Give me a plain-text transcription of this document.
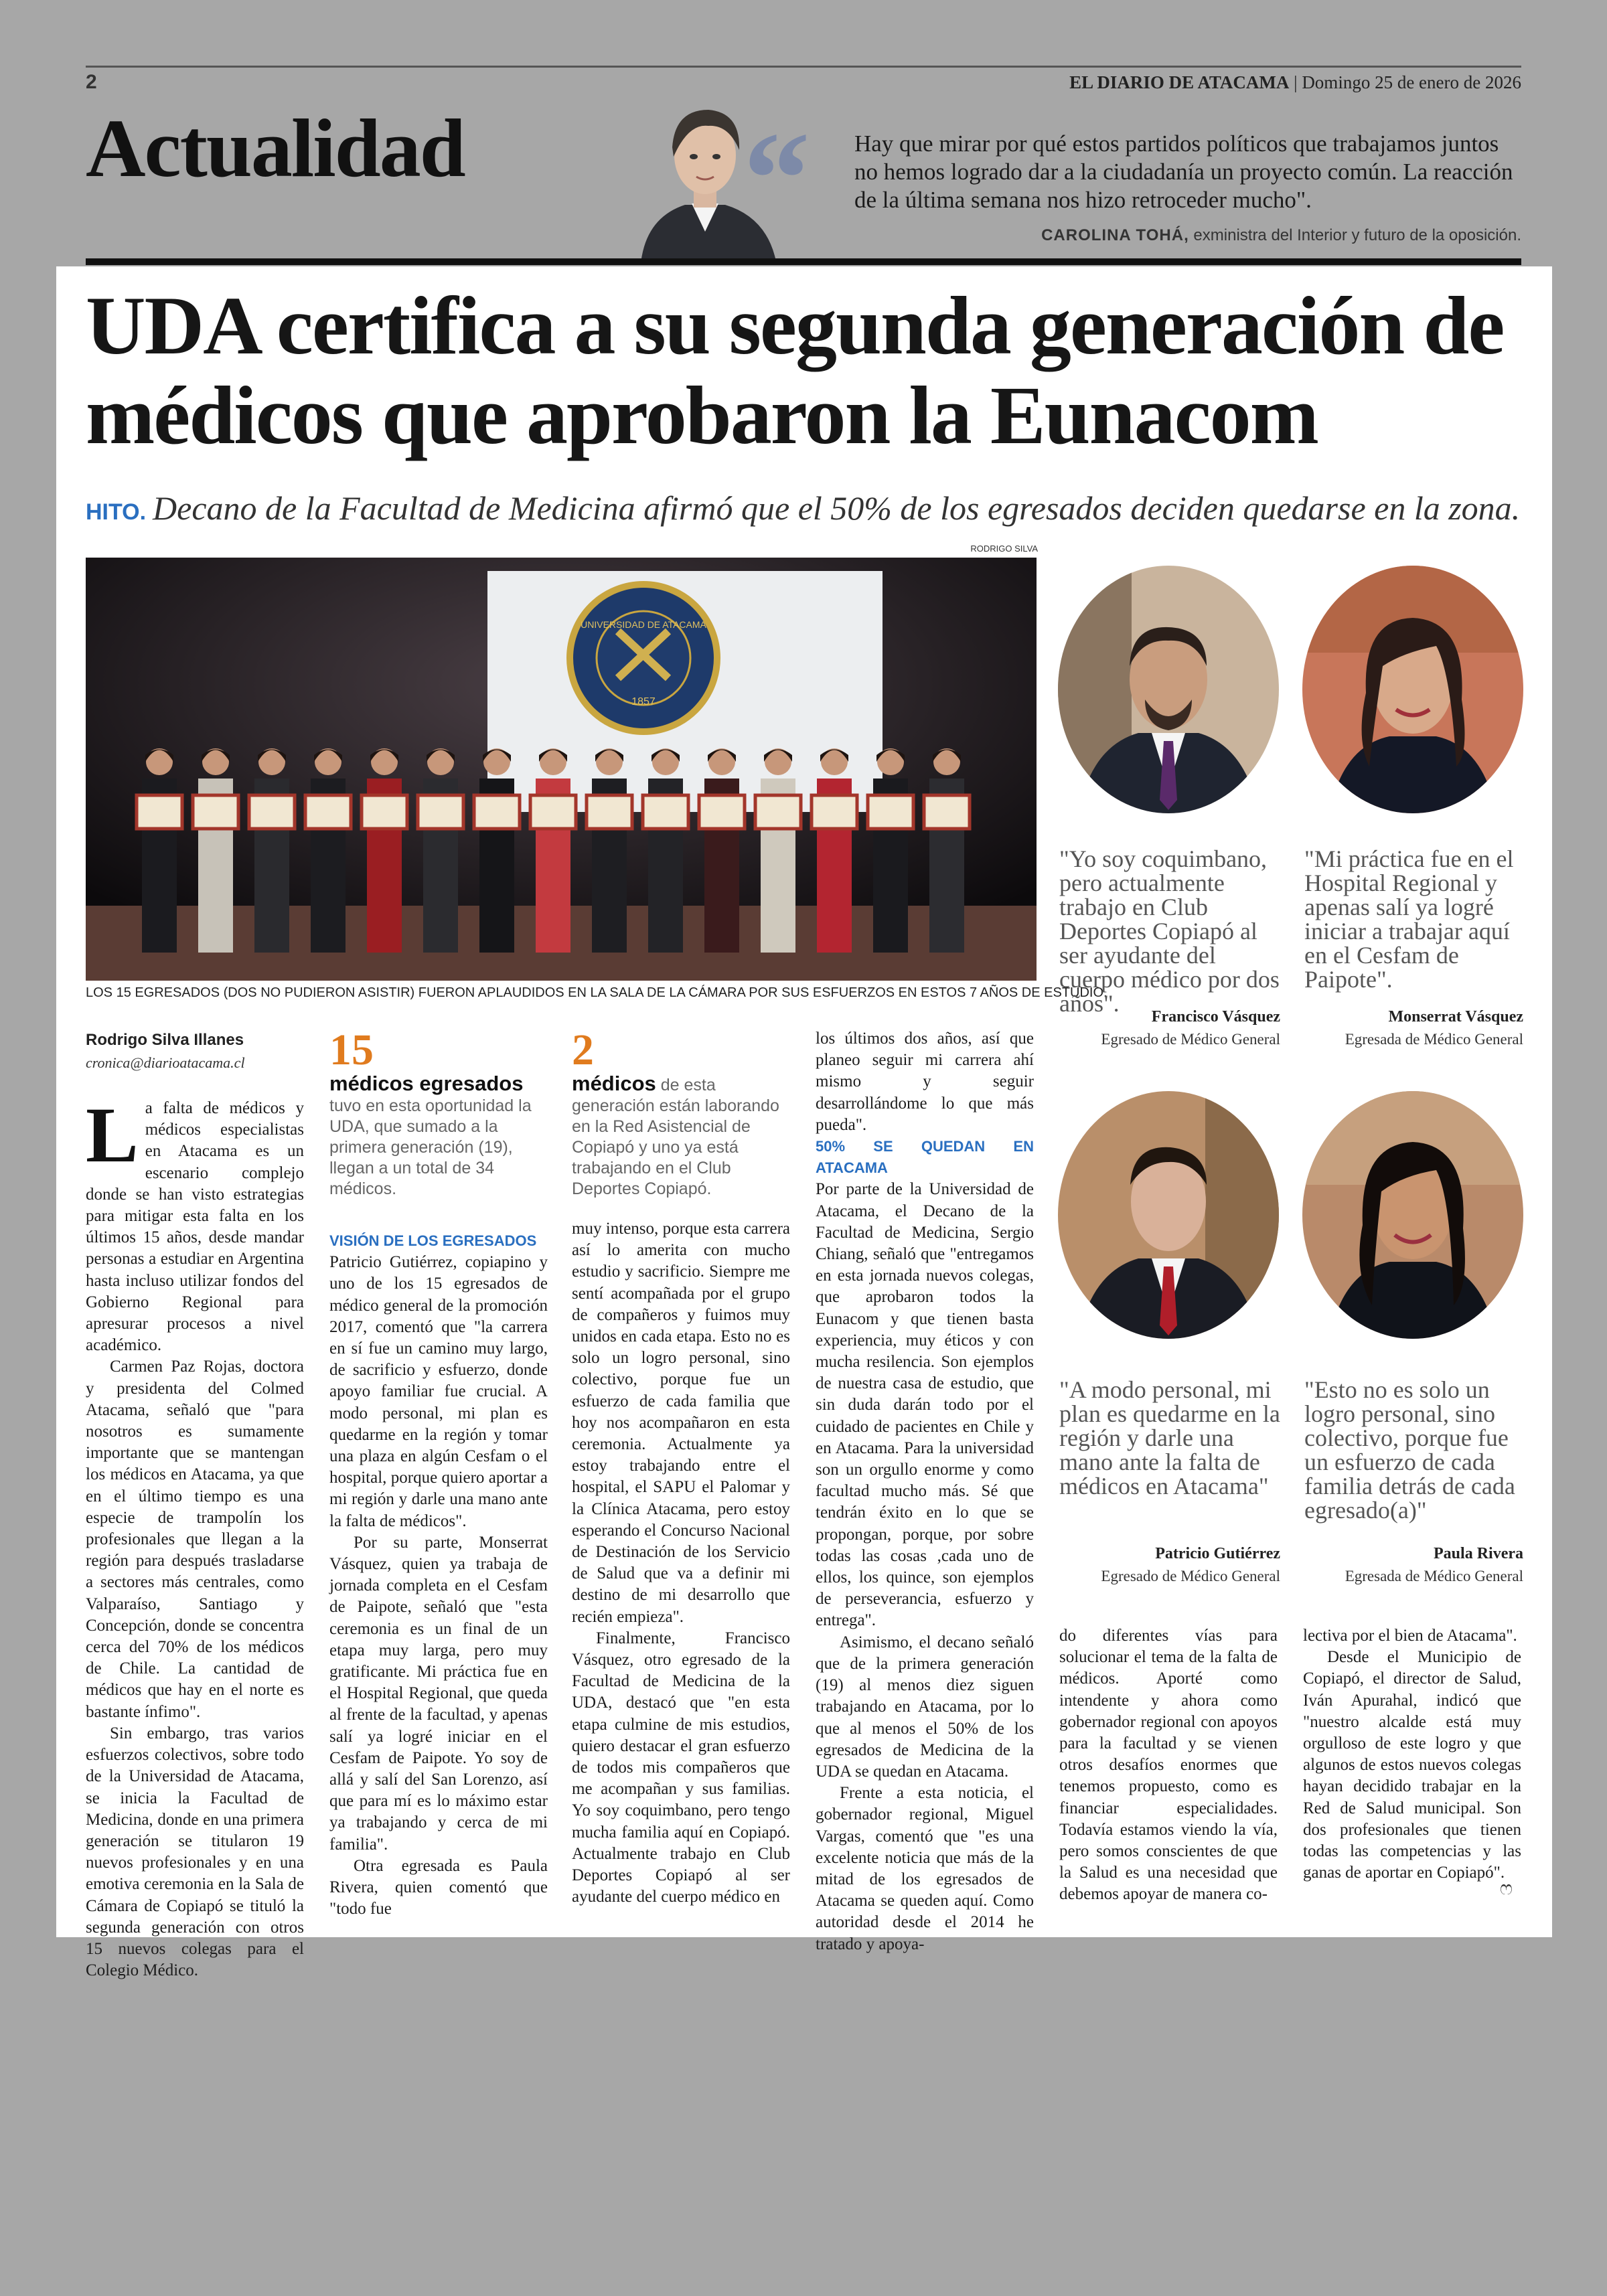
2	EL DIARIO DE ATACAMA | Domingo 25 de enero de 2026
Actualidad “ Hay que mirar por qué estos partidos políticos que trabajamos juntos no hemos logrado dar a la ciudadanía un proyecto común. La reacción de la última semana nos hizo retroceder mucho".
CAROLINA TOHÁ, exministra del Interior y futuro de la oposición.
UDA certifica a su segunda generación de médicos que aprobaron la Eunacom
HITO. Decano de la Facultad de Medicina afirmó que el 50% de los egresados deciden quedarse en la zona.
RODRIGO SILVA
UNIVERSIDAD DE ATACAMA
1857
LOS 15 EGRESADOS (DOS NO PUDIERON ASISTIR) FUERON APLAUDIDOS EN LA SALA DE LA CÁMARA POR SUS ESFUERZOS EN ESTOS 7 AÑOS DE ESTUDIO.
"Yo soy coquimbano, pero actualmente trabajo en Club Deportes Copiapó al ser ayudante del cuerpo médico por dos años".	Francisco Vásquez
Egresado de Médico General
"Mi práctica fue en el Hospital Regional y apenas salí ya logré iniciar a trabajar aquí en el Cesfam de Paipote".
Monserrat Vásquez
Egresada de Médico General
"A modo personal, mi plan es quedarme en la región y darle una mano ante la falta de médicos en Atacama"
Patricio Gutiérrez
Egresado de Médico General
"Esto no es solo un logro personal, sino colectivo, porque fue un esfuerzo de cada familia detrás de cada egresado(a)"
Paula Rivera
Egresada de Médico General
Rodrigo Silva Illanes
cronica@diarioatacama.cl

La falta de médicos y médicos especialistas en Atacama es un escenario complejo donde se han visto estrategias para mitigar esta falta en los últimos 15 años, desde mandar personas a estudiar en Argentina hasta incluso utilizar fondos del Gobierno Regional para apresurar procesos a nivel académico.

Carmen Paz Rojas, doctora y presidenta del Colmed Atacama, señaló que "para nosotros es sumamente importante que se mantengan los médicos en Atacama, ya que en el último tiempo es una especie de trampolín los profesionales que llegan a la región para después trasladarse a sectores más centrales, como Valparaíso, Santiago y Concepción, donde se concentra cerca del 70% de los médicos de Chile. La cantidad de médicos que hay en el norte es bastante ínfimo".

Sin embargo, tras varios esfuerzos colectivos, sobre todo de la Universidad de Atacama, se inicia la Facultad de Medicina, donde en una primera generación se titularon 19 nuevos profesionales y en una emotiva ceremonia en la Sala de Cámara de Copiapó se tituló la segunda generación con otros 15 nuevos colegas para el Colegio Médico.

15
médicos egresados tuvo en esta oportunidad la UDA, que sumado a la primera generación (19), llegan a un total de 34 médicos.
2
médicos de esta generación están laborando en la Red Asistencial de Copiapó y uno ya está trabajando en el Club Deportes Copiapó.

VISIÓN DE LOS EGRESADOS

Patricio Gutiérrez, copiapino y uno de los 15 egresados de médico general de la promoción 2017, comentó que "la carrera en sí fue un camino muy largo, de sacrificio y esfuerzo, donde apoyo familiar fue crucial. A modo personal, mi plan es quedarme en la región y tomar una plaza en algún Cesfam o el hospital, porque quiero aportar a mi región y darle una mano ante la falta de médicos".

Por su parte, Monserrat Vásquez, quien ya trabaja de jornada completa en el Cesfam de Paipote, señaló que "esta ceremonia es un final de un etapa muy larga, pero muy gratificante. Mi práctica fue en el Hospital Regional, que queda al frente de la facultad, y apenas salí ya logré iniciar en el Cesfam de Paipote. Yo soy de allá y salí del San Lorenzo, así que para mí es lo máximo estar ya trabajando y cerca de mi familia".

Otra egresada es Paula Rivera, quien comentó que "todo fue

muy intenso, porque esta carrera así lo amerita con mucho estudio y sacrificio. Siempre me sentí acompañada por el grupo de compañeros y fuimos muy unidos en cada etapa. Esto no es solo un logro personal, sino colectivo, porque fue un esfuerzo de cada familia que hoy nos acompañaron en esta ceremonia. Actualmente ya estoy trabajando entre el hospital, el SAPU el Palomar y la Clínica Atacama, pero estoy esperando el Concurso Nacional de Destinación de los Servicio de Salud que va a definir mi destino de mi desarrollo que recién empieza".

Finalmente, Francisco Vásquez, otro egresado de la Facultad de Medicina de la UDA, destacó que "en esta etapa culmine de mis estudios, quiero destacar el gran esfuerzo de todos mis compañeros que me acompañan y sus familias. Yo soy coquimbano, pero tengo mucha familia aquí en Copiapó. Actualmente trabajo en Club Deportes Copiapó al ser ayudante del cuerpo médico en

los últimos dos años, así que planeo seguir mi carrera ahí mismo y seguir desarrollándome lo que más pueda".

50% SE QUEDAN EN ATACAMA

Por parte de la Universidad de Atacama, el Decano de la Facultad de Medicina, Sergio Chiang, señaló que "entregamos en esta jornada nuevos colegas, que aprobaron todos la Eunacom y que tienen basta experiencia, muy éticos y con mucha resilencia. Son ejemplos de nuestra casa de estudio, que sin duda darán todo por el cuidado de pacientes en Chile y en Atacama. Para la universidad son un orgullo enorme y como facultad mucho más. Sé que tendrán éxito en lo que se propongan, porque, por sobre todas las cosas ,cada uno de ellos, los quince, son ejemplos de perseverancia, esfuerzo y entrega".

Asimismo, el decano señaló que de la primera generación (19) al menos diez siguen trabajando en Atacama, por lo que al menos el 50% de los egresados de Medicina de la UDA se quedan en Atacama.

Frente a esta noticia, el gobernador regional, Miguel Vargas, comentó que "es una excelente noticia que más de la mitad de los egresados de Atacama se queden aquí. Como autoridad desde el 2014 he tratado y apoya-

do diferentes vías para solucionar el tema de la falta de médicos. Aporté como intendente y ahora como gobernador regional con apoyos para la facultad y se vienen otros desafíos enormes que tenemos propuesto, como es financiar especialidades. Todavía estamos viendo la vía, pero somos conscientes de que la Salud es una necesidad que debemos apoyar de manera co-

lectiva por el bien de Atacama".

Desde el Municipio de Copiapó, el director de Salud, Iván Apurahal, indicó que "nuestro alcalde está muy orgulloso de este logro y que algunos de estos nuevos colegas hayan decidido trabajar en la Red de Salud municipal. Son dos profesionales que tienen todas las competencias y las ganas de aportar en Copiapó".

ෆ
